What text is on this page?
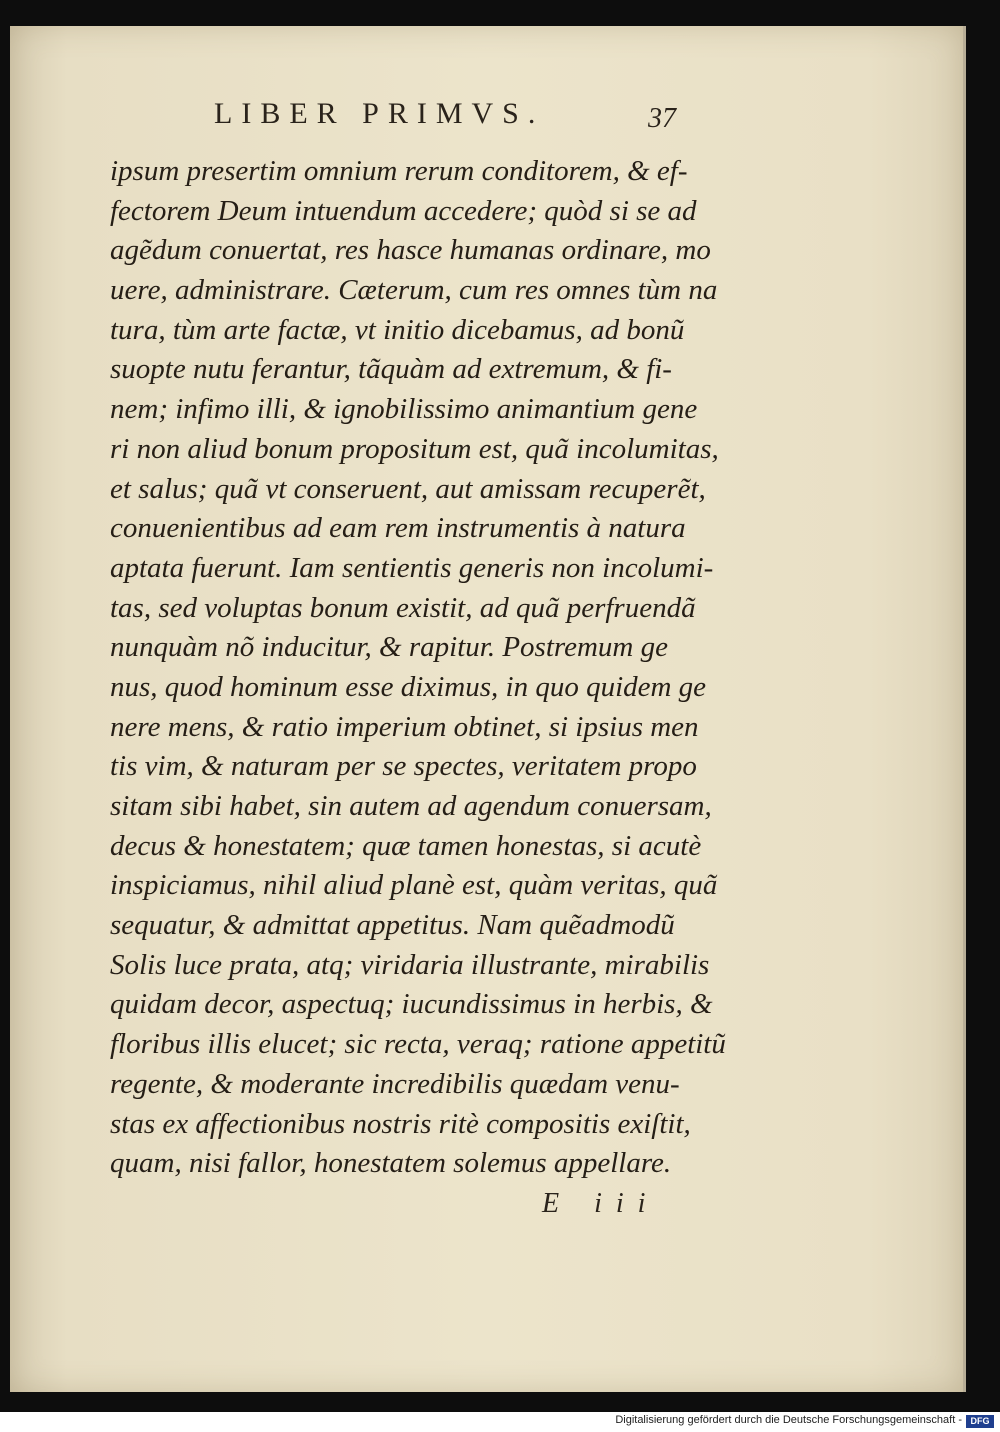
LIBER PRIMVS.	37
ipsum presertim omnium rerum conditorem, & ef-
fectorem Deum intuendum accedere; quòd si se ad
agẽdum conuertat, res hasce humanas ordinare, mo
uere, administrare. Cæterum, cum res omnes tùm na
tura, tùm arte factæ, vt initio dicebamus, ad bonũ
suopte nutu ferantur, tãquàm ad extremum, & fi-
nem; infimo illi, & ignobilissimo animantium gene
ri non aliud bonum propositum est, quã incolumitas,
et salus; quã vt conseruent, aut amissam recuperẽt,
conuenientibus ad eam rem instrumentis à natura
aptata fuerunt. Iam sentientis generis non incolumi-
tas, sed voluptas bonum existit, ad quã perfruendã
nunquàm nõ inducitur, & rapitur. Postremum ge
nus, quod hominum esse diximus, in quo quidem ge
nere mens, & ratio imperium obtinet, si ipsius men
tis vim, & naturam per se spectes, veritatem propo
sitam sibi habet, sin autem ad agendum conuersam,
decus & honestatem; quæ tamen honestas, si acutè
inspiciamus, nihil aliud planè est, quàm veritas, quã
sequatur, & admittat appetitus. Nam quẽadmodũ
Solis luce prata, atq; viridaria illustrante, mirabilis
quidam decor, aspectuq; iucundissimus in herbis, &
floribus illis elucet; sic recta, veraq; ratione appetitũ
regente, & moderante incredibilis quædam venu-
stas ex affectionibus nostris ritè compositis exiſtit,
quam, nisi fallor, honestatem solemus appellare.
E iii
Digitalisierung gefördert durch die Deutsche Forschungsgemeinschaft - DFG
